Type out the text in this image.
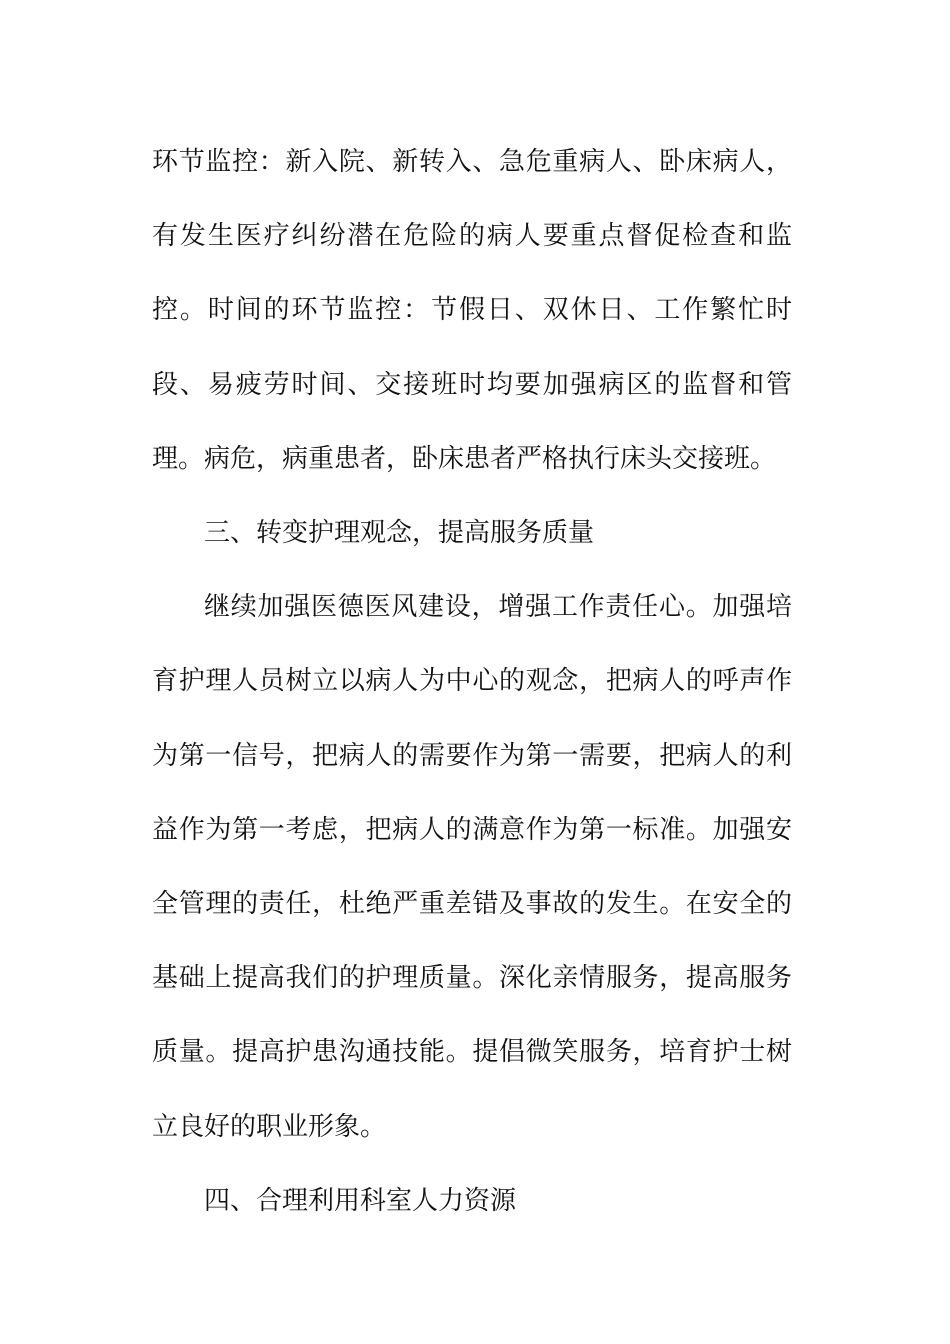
环节监控：新入院、新转入、急危重病人、卧床病人，有发生医疗纠纷潜在危险的病人要重点督促检查和监控。时间的环节监控：节假日、双休日、工作繁忙时段、易疲劳时间、交接班时均要加强病区的监督和管理。病危，病重患者，卧床患者严格执行床头交接班。

三、转变护理观念，提高服务质量

继续加强医德医风建设，增强工作责任心。加强培育护理人员树立以病人为中心的观念，把病人的呼声作为第一信号，把病人的需要作为第一需要，把病人的利益作为第一考虑，把病人的满意作为第一标准。加强安全管理的责任，杜绝严重差错及事故的发生。在安全的基础上提高我们的护理质量。深化亲情服务，提高服务质量。提高护患沟通技能。提倡微笑服务，培育护士树立良好的职业形象。

四、合理利用科室人力资源
